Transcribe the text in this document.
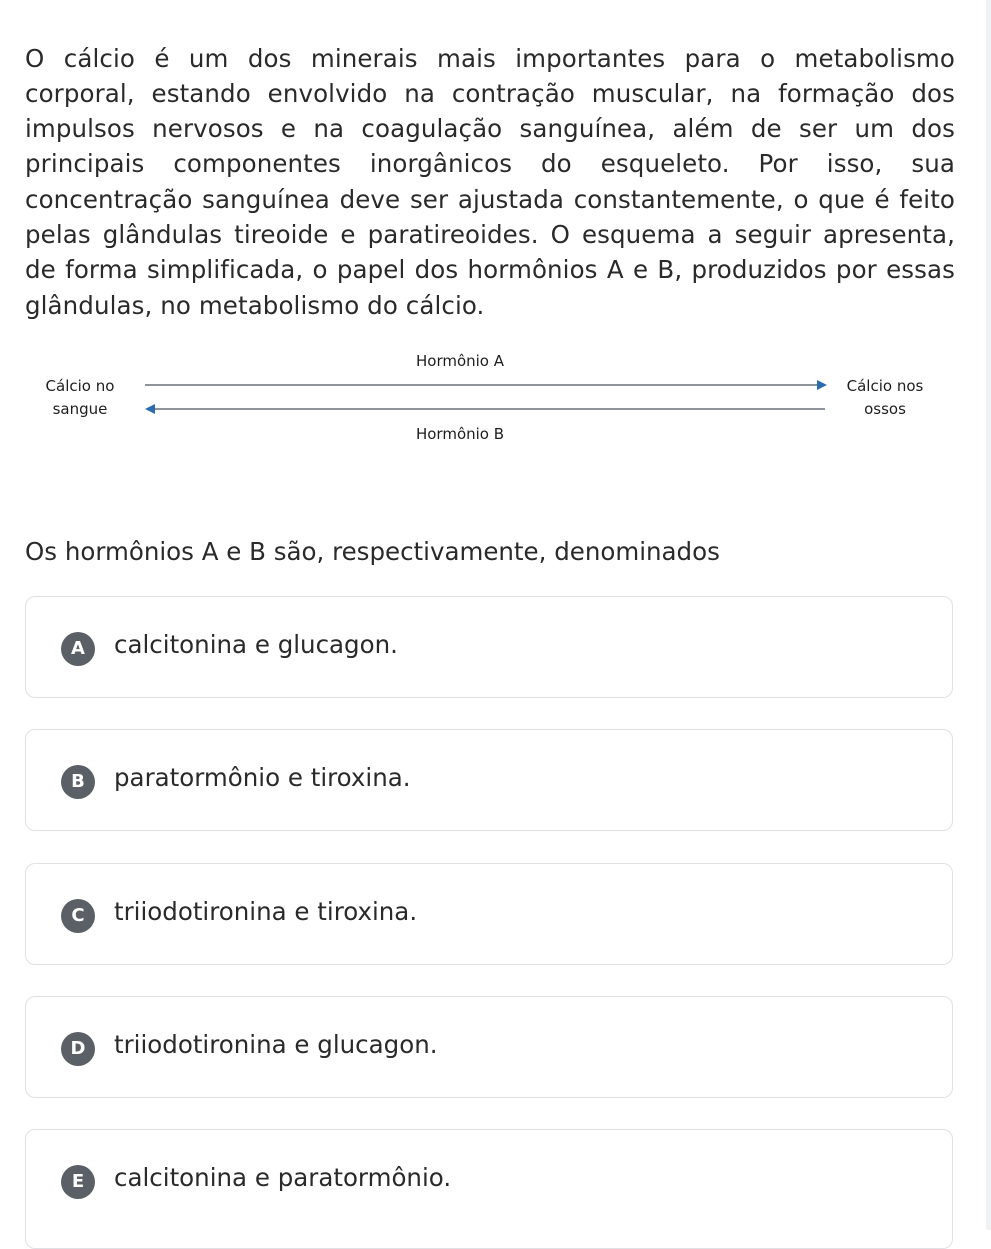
O cálcio é um dos minerais mais importantes para o metabolismo corporal, estando envolvido na contração muscular, na formação dos impulsos nervosos e na coagulação sanguínea, além de ser um dos principais componentes inorgânicos do esqueleto. Por isso, sua concentração sanguínea deve ser ajustada constantemente, o que é feito pelas glândulas tireoide e paratireoides. O esquema a seguir apresenta, de forma simplificada, o papel dos hormônios A e B, produzidos por essas glândulas, no metabolismo do cálcio.

Hormônio A
Cálcio no
sangue
Cálcio nos
ossos
Hormônio B
Os hormônios A e B são, respectivamente, denominados
A	calcitonina e glucagon.
B	paratormônio e tiroxina.
C	triiodotironina e tiroxina.
D	triiodotironina e glucagon.
E	calcitonina e paratormônio.
